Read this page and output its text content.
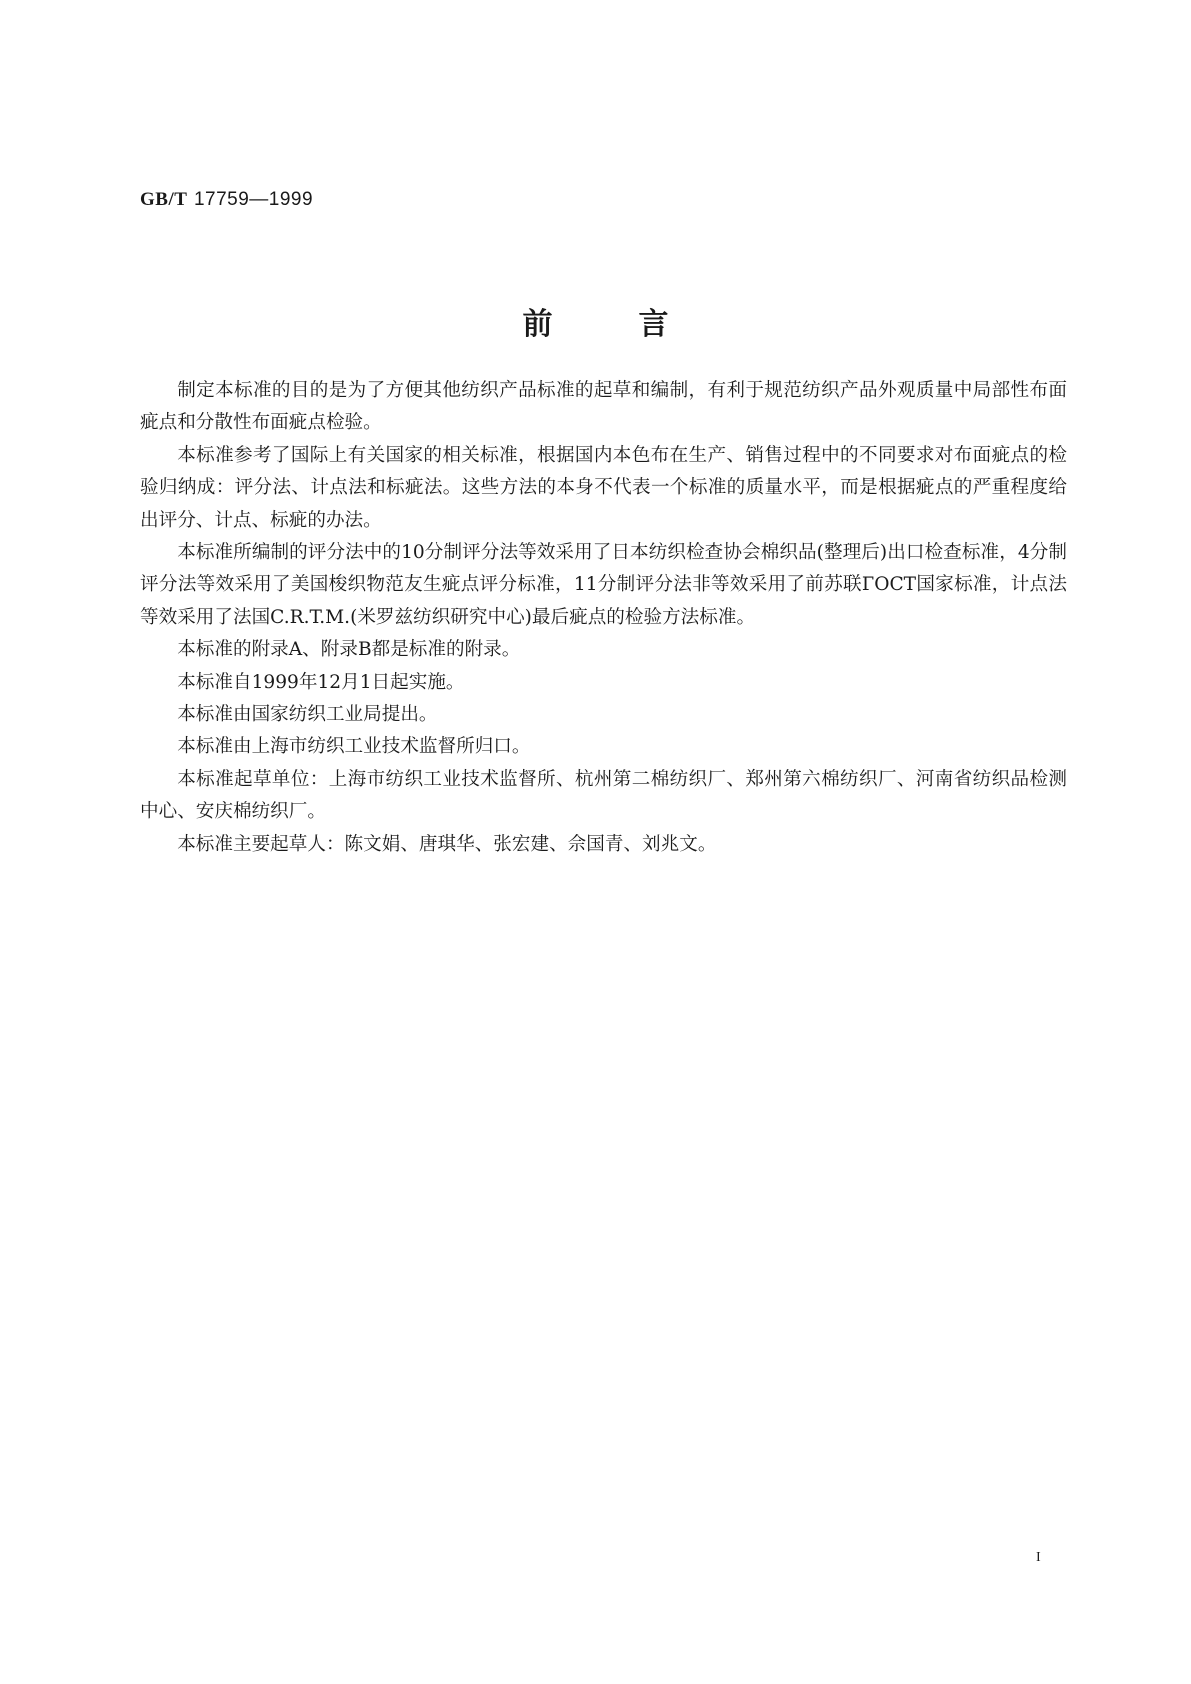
GB/T 17759—1999
前言

制定本标准的目的是为了方便其他纺织产品标准的起草和编制，有利于规范纺织产品外观质量中局部性布面疵点和分散性布面疵点检验。

本标准参考了国际上有关国家的相关标准，根据国内本色布在生产、销售过程中的不同要求对布面疵点的检验归纳成：评分法、计点法和标疵法。这些方法的本身不代表一个标准的质量水平，而是根据疵点的严重程度给出评分、计点、标疵的办法。

本标准所编制的评分法中的10分制评分法等效采用了日本纺织检查协会棉织品(整理后)出口检查标准，4分制评分法等效采用了美国梭织物范友生疵点评分标准，11分制评分法非等效采用了前苏联ГОСТ国家标准，计点法等效采用了法国C.R.T.M.(米罗兹纺织研究中心)最后疵点的检验方法标准。

本标准的附录A、附录B都是标准的附录。

本标准自1999年12月1日起实施。

本标准由国家纺织工业局提出。

本标准由上海市纺织工业技术监督所归口。

本标准起草单位：上海市纺织工业技术监督所、杭州第二棉纺织厂、郑州第六棉纺织厂、河南省纺织品检测中心、安庆棉纺织厂。

本标准主要起草人：陈文娟、唐琪华、张宏建、佘国青、刘兆文。

I
